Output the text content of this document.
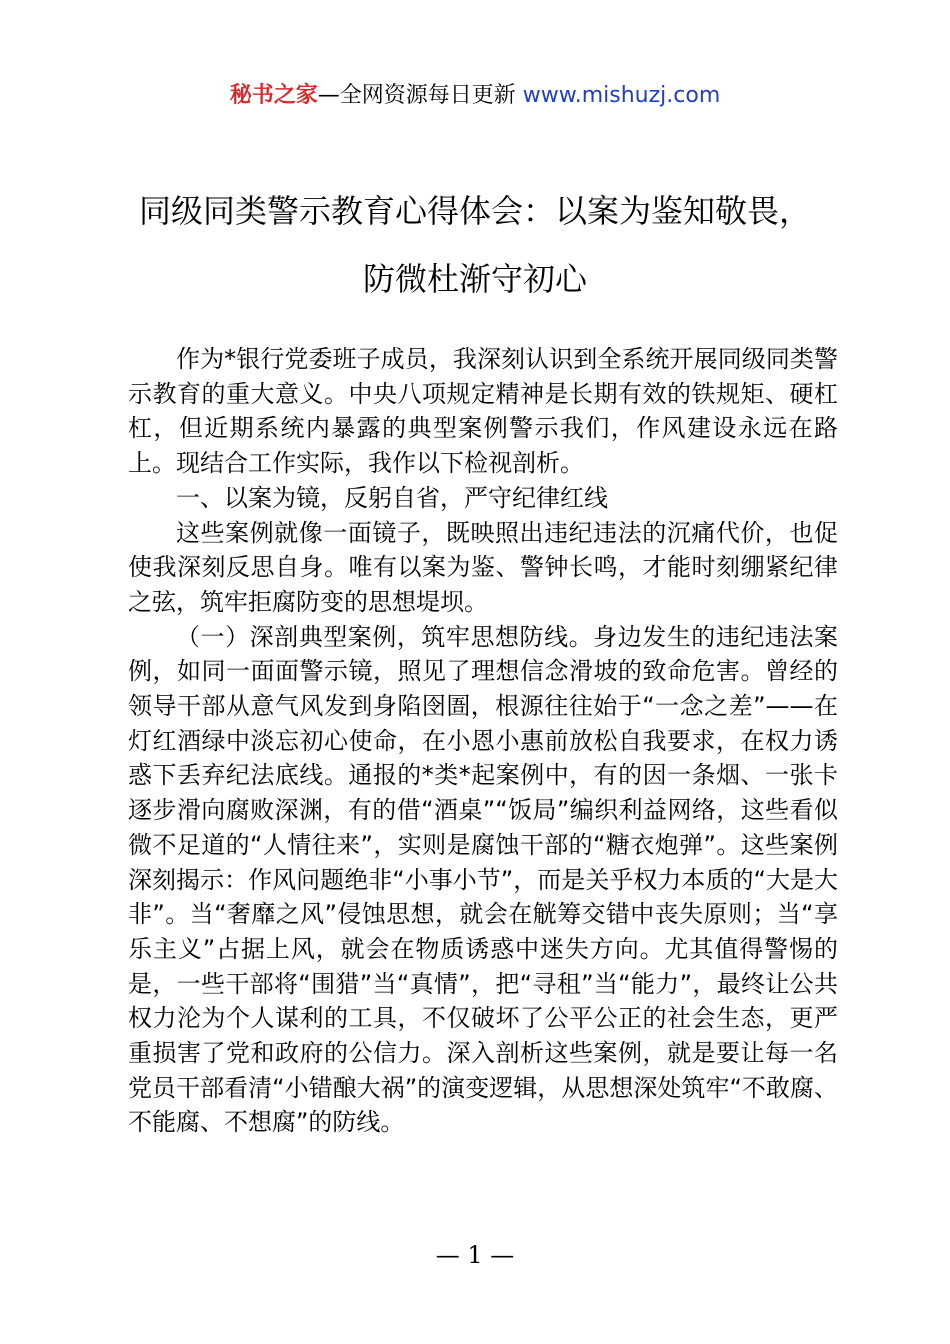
秘书之家—全网资源每日更新 www.mishuzj.com
同级同类警示教育心得体会：以案为鉴知敬畏，
防微杜渐守初心

作为*银行党委班子成员，我深刻认识到全系统开展同级同类警示教育的重大意义。中央八项规定精神是长期有效的铁规矩、硬杠杠，但近期系统内暴露的典型案例警示我们，作风建设永远在路上。现结合工作实际，我作以下检视剖析。

一、以案为镜，反躬自省，严守纪律红线

这些案例就像一面镜子，既映照出违纪违法的沉痛代价，也促使我深刻反思自身。唯有以案为鉴、警钟长鸣，才能时刻绷紧纪律之弦，筑牢拒腐防变的思想堤坝。

（一）深剖典型案例，筑牢思想防线。身边发生的违纪违法案例，如同一面面警示镜，照见了理想信念滑坡的致命危害。曾经的领导干部从意气风发到身陷囹圄，根源往往始于“一念之差”——在灯红酒绿中淡忘初心使命，在小恩小惠前放松自我要求，在权力诱惑下丢弃纪法底线。通报的*类*起案例中，有的因一条烟、一张卡逐步滑向腐败深渊，有的借“酒桌”“饭局”编织利益网络，这些看似微不足道的“人情往来”，实则是腐蚀干部的“糖衣炮弹”。这些案例深刻揭示：作风问题绝非“小事小节”，而是关乎权力本质的“大是大非”。当“奢靡之风”侵蚀思想，就会在觥筹交错中丧失原则；当“享乐主义”占据上风，就会在物质诱惑中迷失方向。尤其值得警惕的是，一些干部将“围猎”当“真情”，把“寻租”当“能力”，最终让公共权力沦为个人谋利的工具，不仅破坏了公平公正的社会生态，更严重损害了党和政府的公信力。深入剖析这些案例，就是要让每一名党员干部看清“小错酿大祸”的演变逻辑，从思想深处筑牢“不敢腐、不能腐、不想腐”的防线。

— 1 —
